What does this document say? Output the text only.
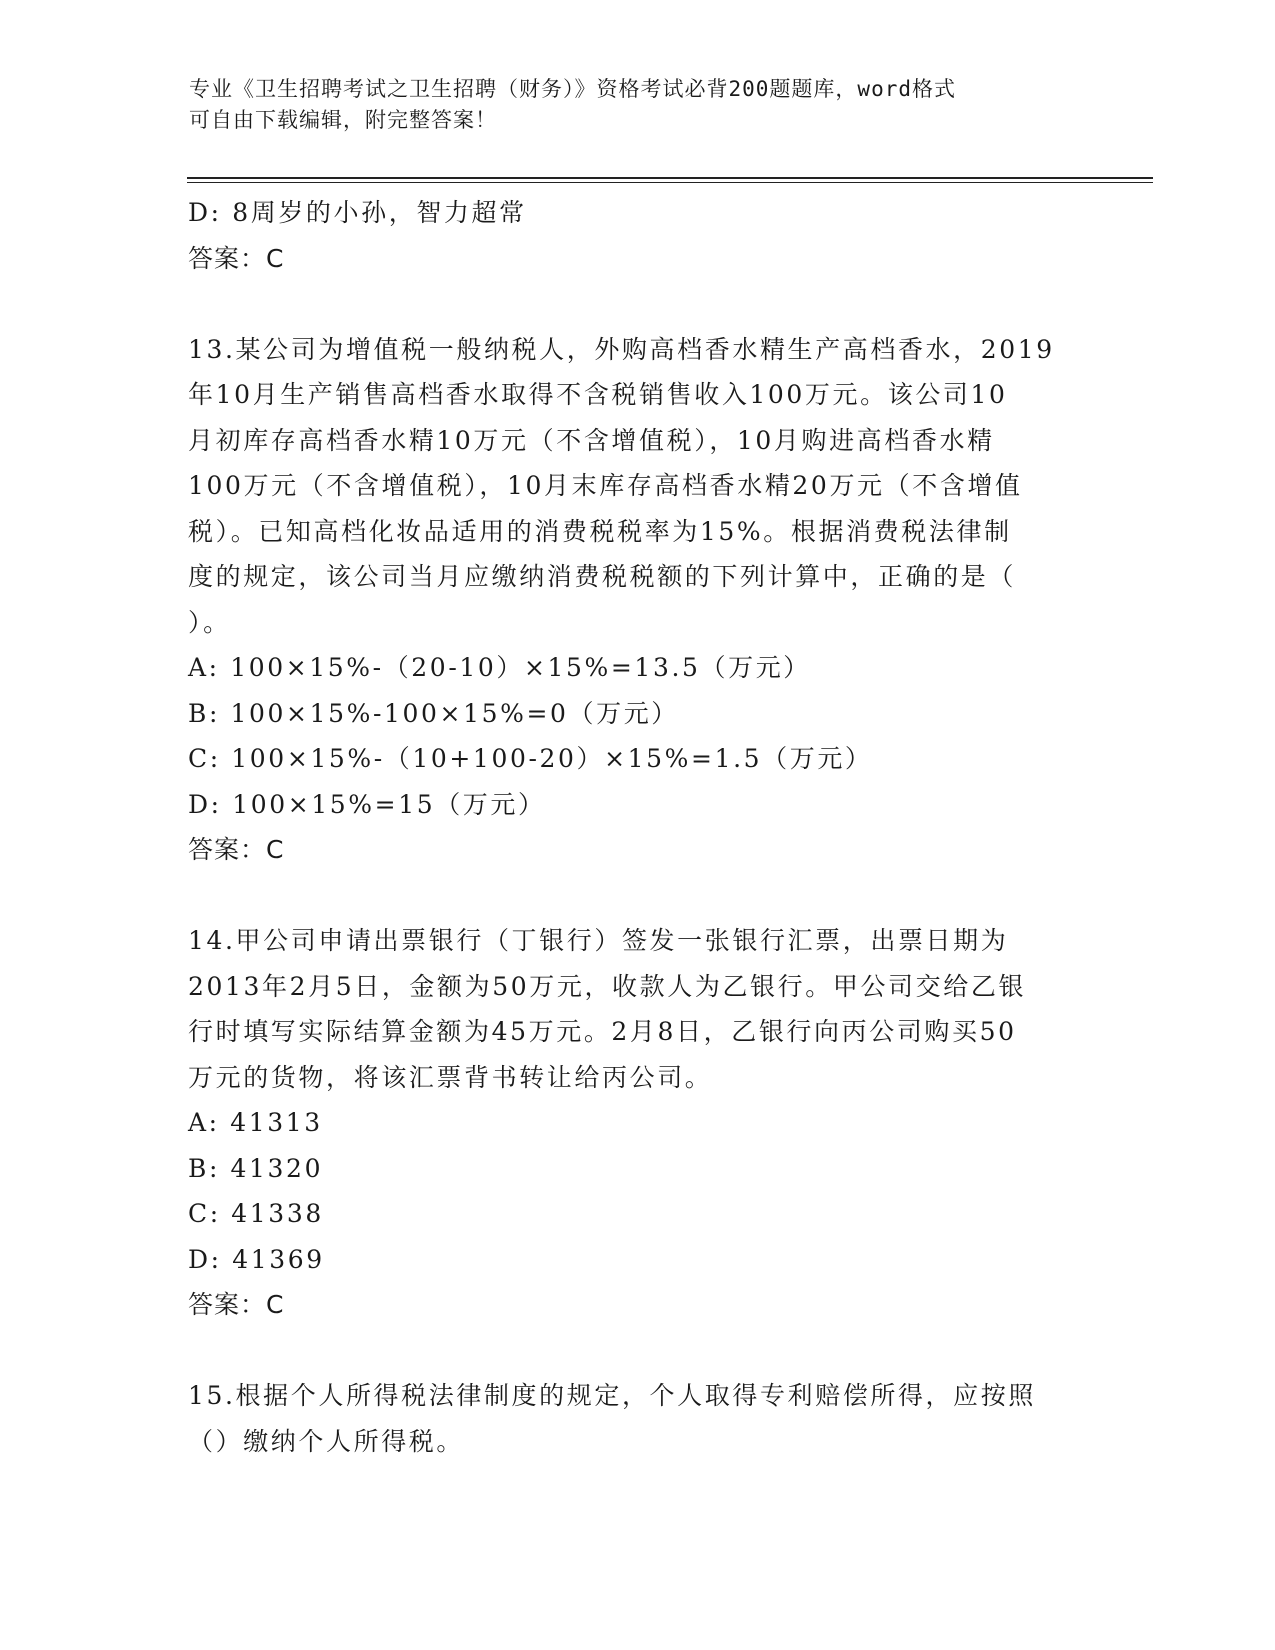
专业《卫生招聘考试之卫生招聘（财务）》资格考试必背200题题库，word格式
可自由下载编辑，附完整答案！
D: 8周岁的小孙，智力超常
答案：C
13.某公司为增值税一般纳税人，外购高档香水精生产高档香水，2019
年10月生产销售高档香水取得不含税销售收入100万元。该公司10
月初库存高档香水精10万元（不含增值税），10月购进高档香水精
100万元（不含增值税），10月末库存高档香水精20万元（不含增值
税）。已知高档化妆品适用的消费税税率为15%。根据消费税法律制
度的规定，该公司当月应缴纳消费税税额的下列计算中，正确的是（
）。
A: 100×15%-（20-10）×15%=13.5（万元）
B: 100×15%-100×15%=0（万元）
C: 100×15%-（10+100-20）×15%=1.5（万元）
D: 100×15%=15（万元）
答案：C
14.甲公司申请出票银行（丁银行）签发一张银行汇票，出票日期为
2013年2月5日，金额为50万元，收款人为乙银行。甲公司交给乙银
行时填写实际结算金额为45万元。2月8日，乙银行向丙公司购买50
万元的货物，将该汇票背书转让给丙公司。
A: 41313
B: 41320
C: 41338
D: 41369
答案：C
15.根据个人所得税法律制度的规定，个人取得专利赔偿所得，应按照
（）缴纳个人所得税。
